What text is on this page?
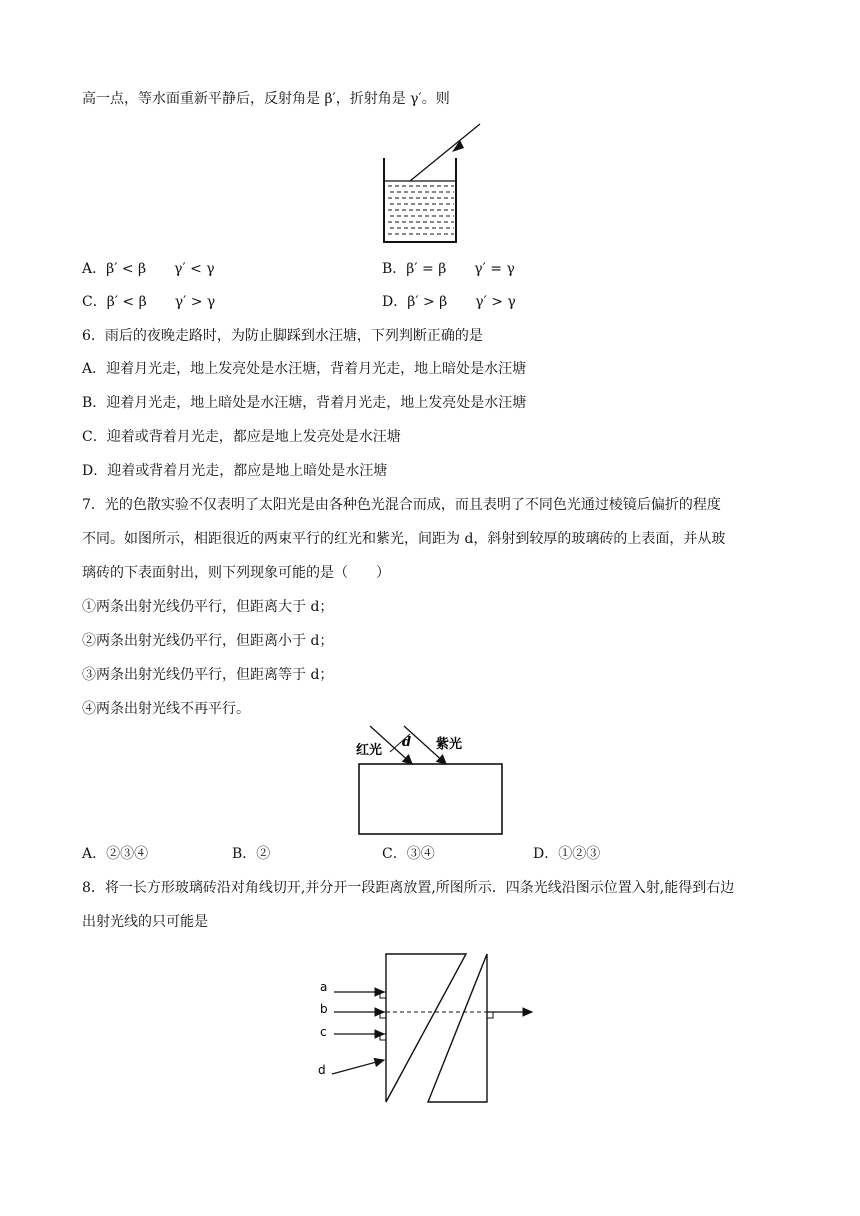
高一点，等水面重新平静后，反射角是 β′，折射角是 γ′。则
A．β′ < β　　γ′ < γ	B．β′ = β　　γ′ = γ
C．β′ < β　　γ′ > γ	D．β′ > β　　γ′ > γ
6．雨后的夜晚走路时，为防止脚踩到水汪塘，下列判断正确的是
A．迎着月光走，地上发亮处是水汪塘，背着月光走，地上暗处是水汪塘
B．迎着月光走，地上暗处是水汪塘，背着月光走，地上发亮处是水汪塘
C．迎着或背着月光走，都应是地上发亮处是水汪塘
D．迎着或背着月光走，都应是地上暗处是水汪塘
7．光的色散实验不仅表明了太阳光是由各种色光混合而成，而且表明了不同色光通过棱镜后偏折的程度
不同。如图所示，相距很近的两束平行的红光和紫光，间距为 d，斜射到较厚的玻璃砖的上表面，并从玻
璃砖的下表面射出，则下列现象可能的是（　　）
①两条出射光线仍平行，但距离大于 d；
②两条出射光线仍平行，但距离小于 d；
③两条出射光线仍平行，但距离等于 d；
④两条出射光线不再平行。
红光
d 紫光
A．②③④	B．②	C．③④	D．①②③
8．将一长方形玻璃砖沿对角线切开,并分开一段距离放置,所图所示．四条光线沿图示位置入射,能得到右边
出射光线的只可能是
a
b
c
d
